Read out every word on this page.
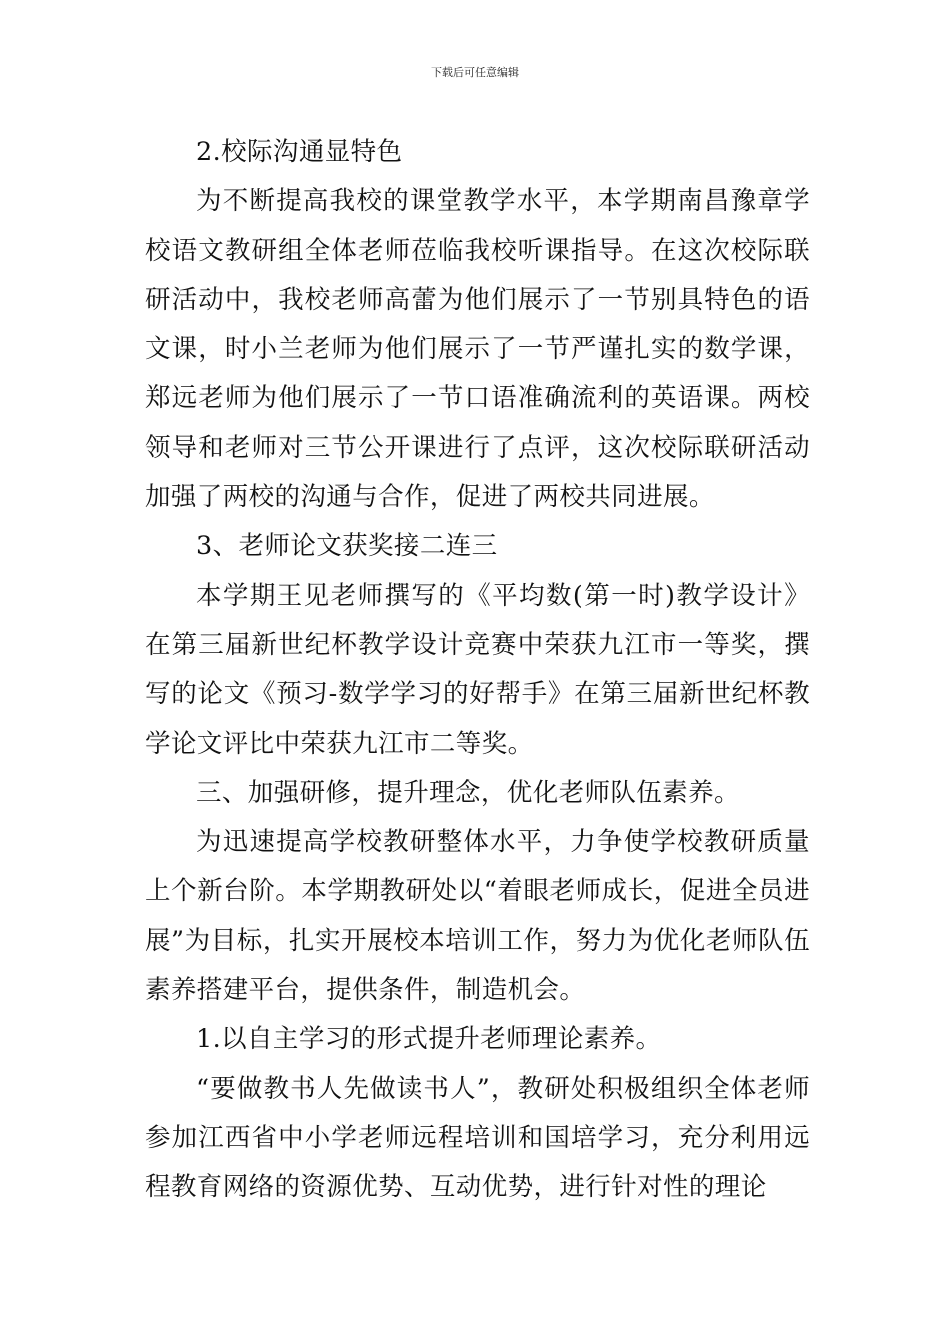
下载后可任意编辑

2.校际沟通显特色

为不断提高我校的课堂教学水平，本学期南昌豫章学校语文教研组全体老师莅临我校听课指导。在这次校际联研活动中，我校老师高蕾为他们展示了一节别具特色的语文课，时小兰老师为他们展示了一节严谨扎实的数学课，郑远老师为他们展示了一节口语准确流利的英语课。两校领导和老师对三节公开课进行了点评，这次校际联研活动加强了两校的沟通与合作，促进了两校共同进展。

3、老师论文获奖接二连三

本学期王见老师撰写的《平均数(第一时)教学设计》在第三届新世纪杯教学设计竞赛中荣获九江市一等奖，撰写的论文《预习-数学学习的好帮手》在第三届新世纪杯教学论文评比中荣获九江市二等奖。

三、加强研修，提升理念，优化老师队伍素养。

为迅速提高学校教研整体水平，力争使学校教研质量上个新台阶。本学期教研处以“着眼老师成长，促进全员进展”为目标，扎实开展校本培训工作，努力为优化老师队伍素养搭建平台，提供条件，制造机会。

1.以自主学习的形式提升老师理论素养。

“要做教书人先做读书人”，教研处积极组织全体老师参加江西省中小学老师远程培训和国培学习，充分利用远程教育网络的资源优势、互动优势，进行针对性的理论
